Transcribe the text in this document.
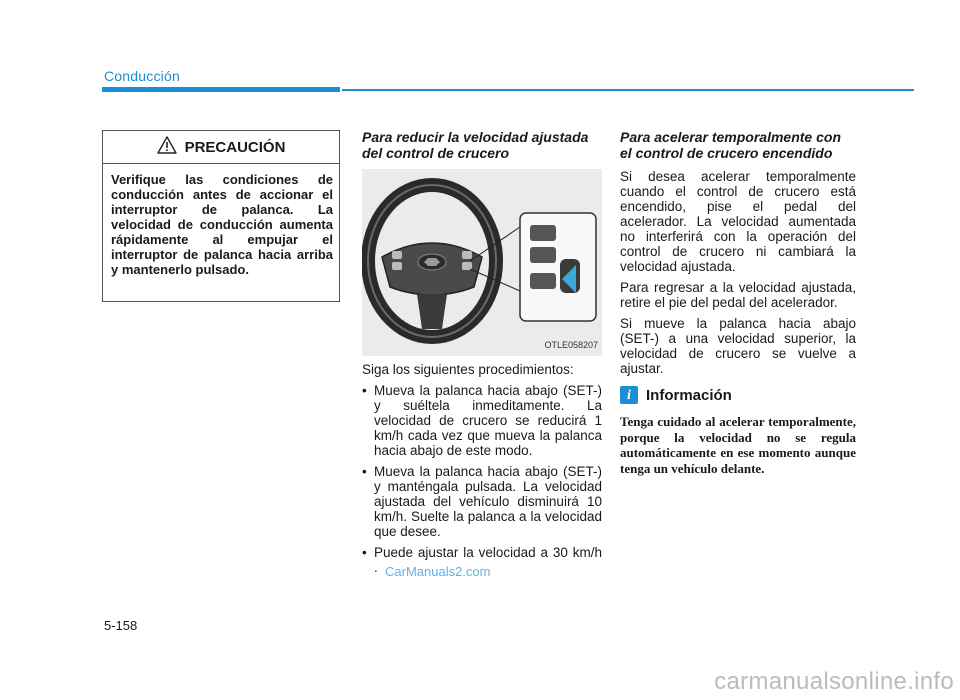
Conducción
PRECAUCIÓN
Verifique las condiciones de conducción antes de accionar el interruptor de palanca. La velocidad de conducción aumenta rápidamente al empujar el interruptor de palanca hacia arriba y mantenerlo pulsado.
Para reducir la velocidad ajustada del control de crucero
OTLE058207

Siga los siguientes procedimientos:

• Mueva la palanca hacia abajo (SET-) y suéltela inmeditamente. La velocidad de crucero se reducirá 1 km/h cada vez que mueva la palanca hacia abajo de este modo.
• Mueva la palanca hacia abajo (SET-) y manténgala pulsada. La velocidad ajustada del vehículo disminuirá 10 km/h. Suelte la palanca a la velocidad que desee.
• Puede ajustar la velocidad a 30 km/h .
Para acelerar temporalmente con el control de crucero encendido

Si desea acelerar temporalmente cuando el control de crucero está encendido, pise el pedal del acelerador. La velocidad aumentada no interferirá con la operación del control de crucero ni cambiará la velocidad ajustada.

Para regresar a la velocidad ajustada, retire el pie del pedal del acelerador.

Si mueve la palanca hacia abajo (SET-) a una velocidad superior, la velocidad de crucero se vuelve a ajustar.

i	Información

Tenga cuidado al acelerar temporalmente, porque la velocidad no se regula automáticamente en ese momento aunque tenga un vehículo delante.

5-158
CarManuals2.com
carmanualsonline.info
